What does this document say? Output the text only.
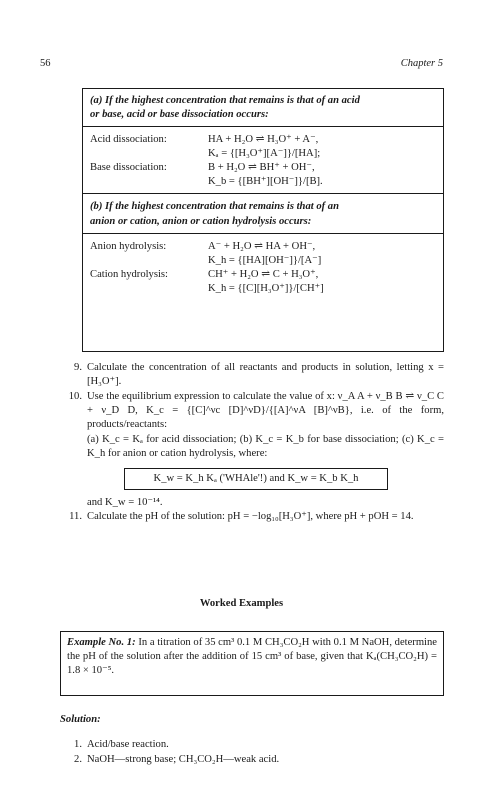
56	Chapter 5
(a) If the highest concentration that remains is that of an acid
or base, acid or base dissociation occurs:
Acid dissociation:	HA + H₂O ⇌ H₃O⁺ + A⁻,
Kₐ = {[H₃O⁺][A⁻]}/[HA];
Base dissociation:	B + H₂O ⇌ BH⁺ + OH⁻,
K_b = {[BH⁺][OH⁻]}/[B].
(b) If the highest concentration that remains is that of an
anion or cation, anion or cation hydrolysis occurs:
Anion hydrolysis:	A⁻ + H₂O ⇌ HA + OH⁻,
K_h = {[HA][OH⁻]}/[A⁻]
Cation hydrolysis:	CH⁺ + H₂O ⇌ C + H₃O⁺,
K_h = {[C][H₃O⁺]}/[CH⁺]
9. Calculate the concentration of all reactants and products in solution, letting x = [H₃O⁺].
10. Use the equilibrium expression to calculate the value of x: ν_A A + ν_B B ⇌ ν_C C + ν_D D, K_c = {[C]^νc [D]^νD}/{[A]^νA [B]^νB}, i.e. of the form, products/reactants:
(a) K_c = Kₐ for acid dissociation; (b) K_c = K_b for base dissociation; (c) K_c = K_h for anion or cation hydrolysis, where:
K_w = K_h Kₐ ('WHAle'!) and K_w = K_b K_h
and K_w = 10⁻¹⁴.
11. Calculate the pH of the solution: pH = −log₁₀[H₃O⁺], where pH + pOH = 14.
Worked Examples
Example No. 1: In a titration of 35 cm³ 0.1 M CH₃CO₂H with 0.1 M NaOH, determine the pH of the solution after the addition of 15 cm³ of base, given that Kₐ(CH₃CO₂H) = 1.8 × 10⁻⁵.
Solution:
1. Acid/base reaction.
2. NaOH—strong base; CH₃CO₂H—weak acid.
